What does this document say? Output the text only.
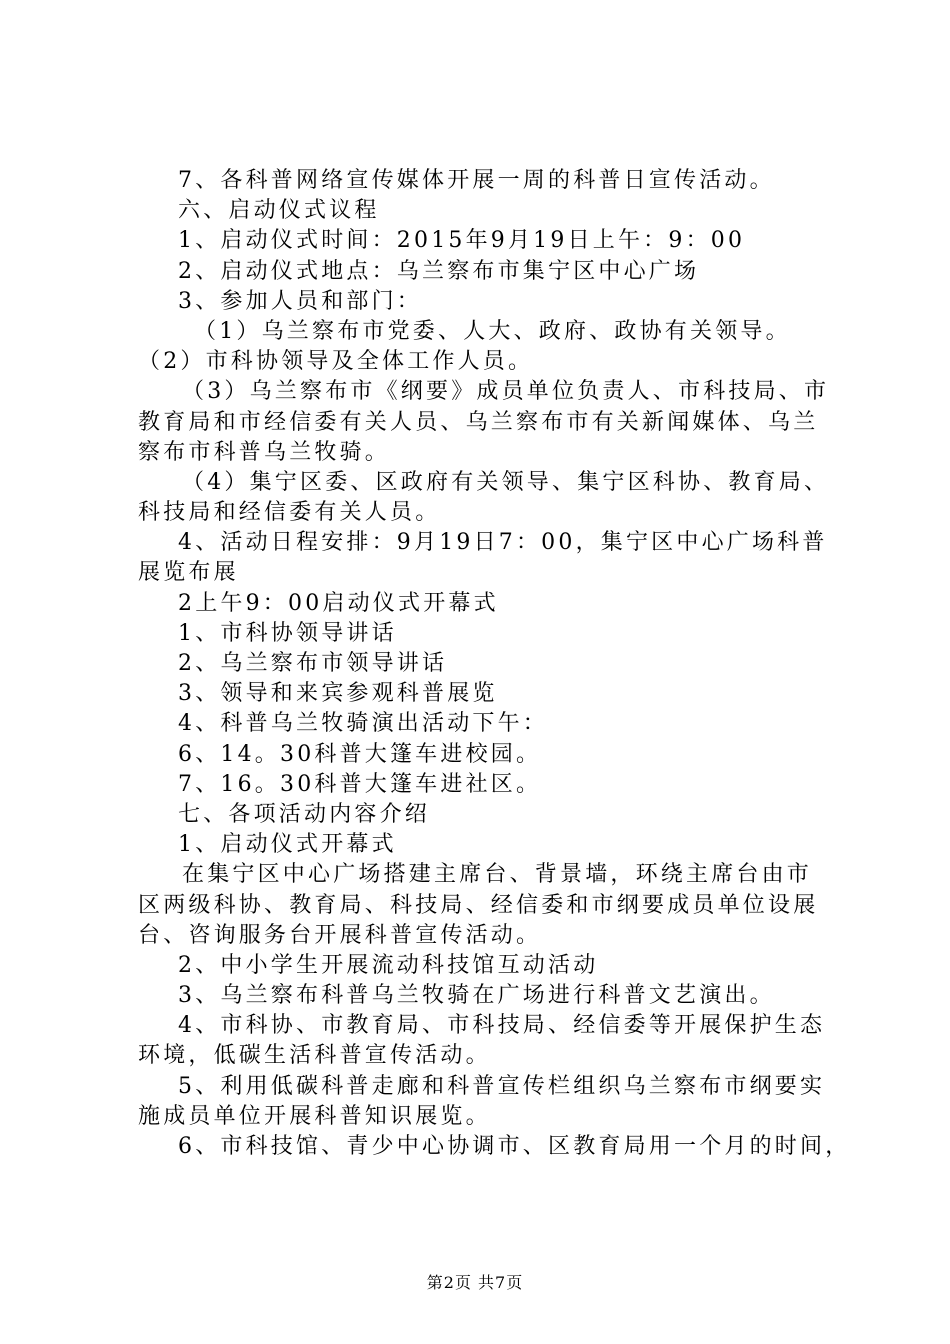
7、各科普网络宣传媒体开展一周的科普日宣传活动。
六、启动仪式议程
1、启动仪式时间：2015年9月19日上午：9：00
2、启动仪式地点：乌兰察布市集宁区中心广场
3、参加人员和部门：
（1）乌兰察布市党委、人大、政府、政协有关领导。
（2）市科协领导及全体工作人员。
（3）乌兰察布市《纲要》成员单位负责人、市科技局、市
教育局和市经信委有关人员、乌兰察布市有关新闻媒体、乌兰
察布市科普乌兰牧骑。
（4）集宁区委、区政府有关领导、集宁区科协、教育局、
科技局和经信委有关人员。
4、活动日程安排：9月19日7：00，集宁区中心广场科普
展览布展
2上午9：00启动仪式开幕式
1、市科协领导讲话
2、乌兰察布市领导讲话
3、领导和来宾参观科普展览
4、科普乌兰牧骑演出活动下午：
6、14。30科普大篷车进校园。
7、16。30科普大篷车进社区。
七、各项活动内容介绍
1、启动仪式开幕式
在集宁区中心广场搭建主席台、背景墙，环绕主席台由市
区两级科协、教育局、科技局、经信委和市纲要成员单位设展
台、咨询服务台开展科普宣传活动。
2、中小学生开展流动科技馆互动活动
3、乌兰察布科普乌兰牧骑在广场进行科普文艺演出。
4、市科协、市教育局、市科技局、经信委等开展保护生态
环境，低碳生活科普宣传活动。
5、利用低碳科普走廊和科普宣传栏组织乌兰察布市纲要实
施成员单位开展科普知识展览。
6、市科技馆、青少中心协调市、区教育局用一个月的时间，
第2页 共7页
